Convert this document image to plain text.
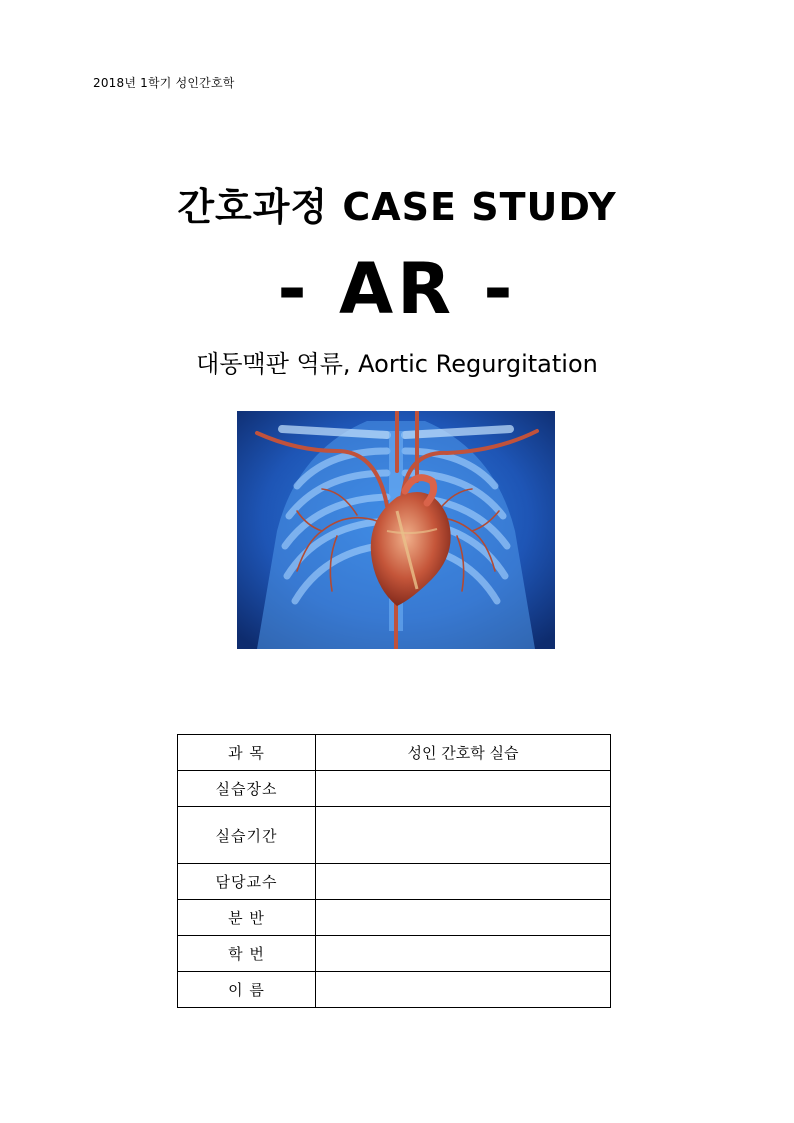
2018년 1학기 성인간호학
간호과정 CASE STUDY
- AR -
대동맥판 역류, Aortic Regurgitation
과 목	성인 간호학 실습
실습장소	
실습기간	
담당교수	
분 반	
학 번	
이 름	
